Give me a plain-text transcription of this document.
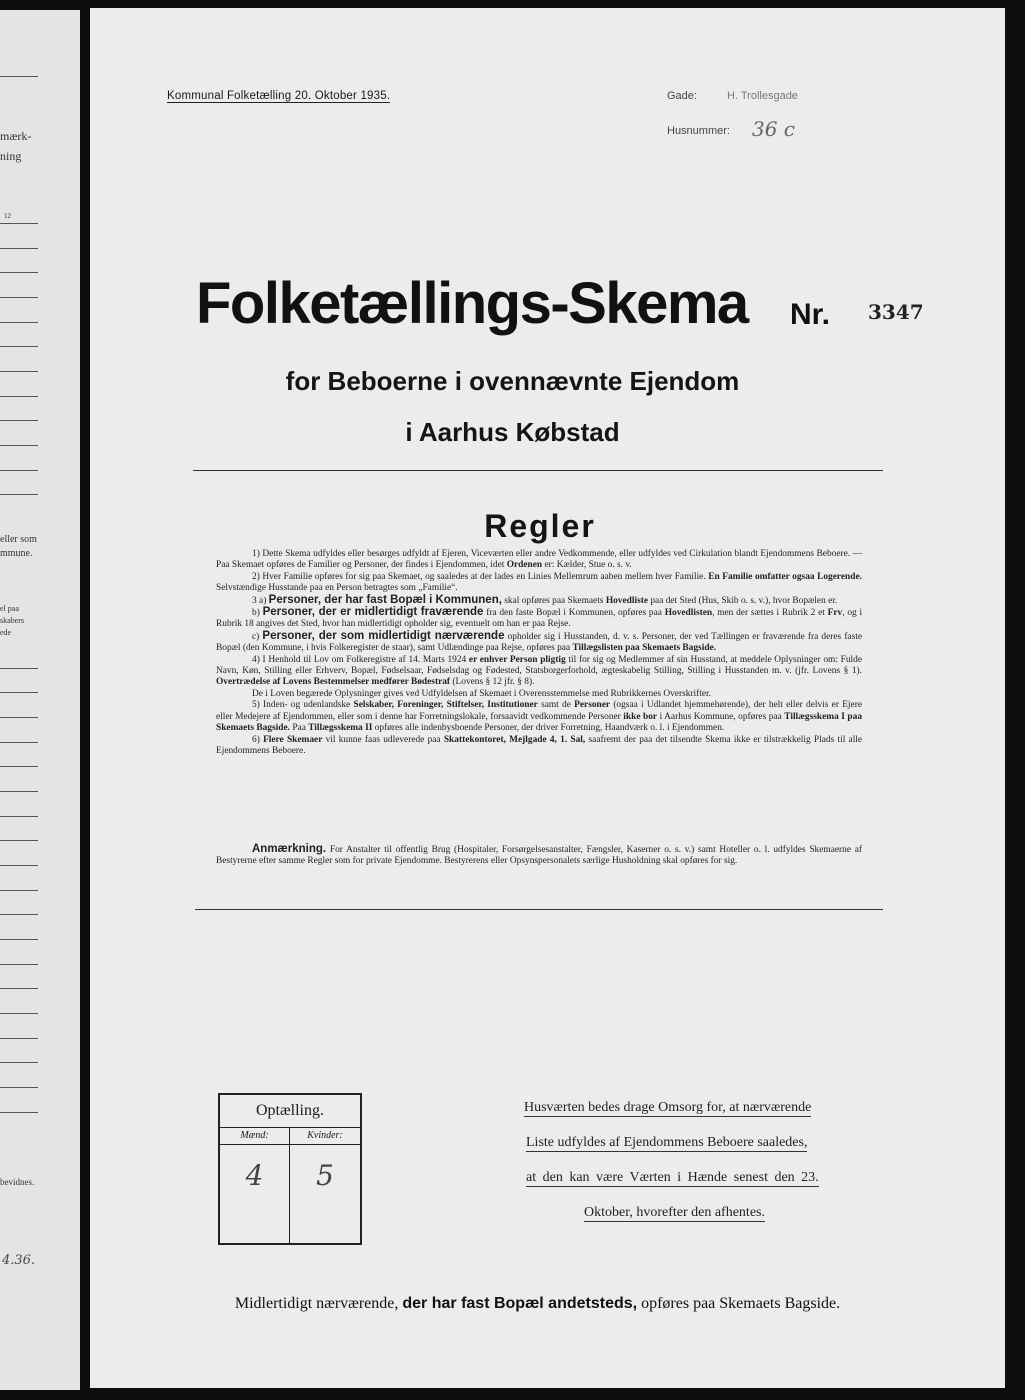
mærk-
ning
12
eller som
mmune.
el paa
skabers
ede
bevidnes.
4.36.
Kommunal Folketælling 20. Oktober 1935.	Gade:	H. Trollesgade
Husnummer: 36 c
Folketællings-Skema Nr. 3347
for Beboerne i ovennævnte Ejendom
i Aarhus Købstad
Regler

1) Dette Skema udfyldes eller besørges udfyldt af Ejeren, Viceværten eller andre Vedkommende, eller udfyldes ved Cirkulation blandt Ejendommens Beboere. — Paa Skemaet opføres de Familier og Personer, der findes i Ejendommen, idet Ordenen er: Kælder, Stue o. s. v.

2) Hver Familie opføres for sig paa Skemaet, og saaledes at der lades en Linies Mellemrum aaben mellem hver Familie. En Familie omfatter ogsaa Logerende. Selvstændige Husstande paa en Person betragtes som „Familie“.

3 a) Personer, der har fast Bopæl i Kommunen, skal opføres paa Skemaets Hovedliste paa det Sted (Hus, Skib o. s. v.), hvor Bopælen er.

b) Personer, der er midlertidigt fraværende fra den faste Bopæl i Kommunen, opføres paa Hovedlisten, men der sættes i Rubrik 2 et Frv, og i Rubrik 18 angives det Sted, hvor han midlertidigt opholder sig, eventuelt om han er paa Rejse.

c) Personer, der som midlertidigt nærværende opholder sig i Husstanden, d. v. s. Personer, der ved Tællingen er fraværende fra deres faste Bopæl (den Kommune, i hvis Folkeregister de staar), samt Udlændinge paa Rejse, opføres paa Tillægslisten paa Skemaets Bagside.

4) I Henhold til Lov om Folkeregistre af 14. Marts 1924 er enhver Person pligtig til for sig og Medlemmer af sin Husstand, at meddele Oplysninger om: Fulde Navn, Køn, Stilling eller Erhverv, Bopæl, Fødselsaar, Fødselsdag og Fødested, Statsborgerforhold, ægteskabelig Stilling, Stilling i Husstanden m. v. (jfr. Lovens § 1). Overtrædelse af Lovens Bestemmelser medfører Bødestraf (Lovens § 12 jfr. § 8).

De i Loven begærede Oplysninger gives ved Udfyldelsen af Skemaet i Overensstemmelse med Rubrikkernes Overskrifter.

5) Inden- og udenlandske Selskaber, Foreninger, Stiftelser, Institutioner samt de Personer (ogsaa i Udlandet hjemmehørende), der helt eller delvis er Ejere eller Medejere af Ejendommen, eller som i denne har Forretningslokale, forsaavidt vedkommende Personer ikke bor i Aarhus Kommune, opføres paa Tillægsskema I paa Skemaets Bagside. Paa Tillægsskema II opføres alle indenbysboende Personer, der driver Forretning, Haandværk o. l. i Ejendommen.

6) Flere Skemaer vil kunne faas udleverede paa Skattekontoret, Mejlgade 4, 1. Sal, saafremt der paa det tilsendte Skema ikke er tilstrækkelig Plads til alle Ejendommens Beboere.

Anmærkning. For Anstalter til offentlig Brug (Hospitaler, Forsørgelsesanstalter, Fængsler, Kaserner o. s. v.) samt Hoteller o. l. udfyldes Skemaerne af Bestyrerne efter samme Regler som for private Ejendomme. Bestyrerens eller Opsynspersonalets særlige Husholdning skal opføres for sig.

Optælling.
Mænd:
4
Kvinder:
5
Husværten bedes drage Omsorg for, at nærværende
Liste udfyldes af Ejendommens Beboere saaledes,
at den kan være Værten i Hænde senest den 23.
Oktober, hvorefter den afhentes.
Midlertidigt nærværende, der har fast Bopæl andetsteds, opføres paa Skemaets Bagside.
